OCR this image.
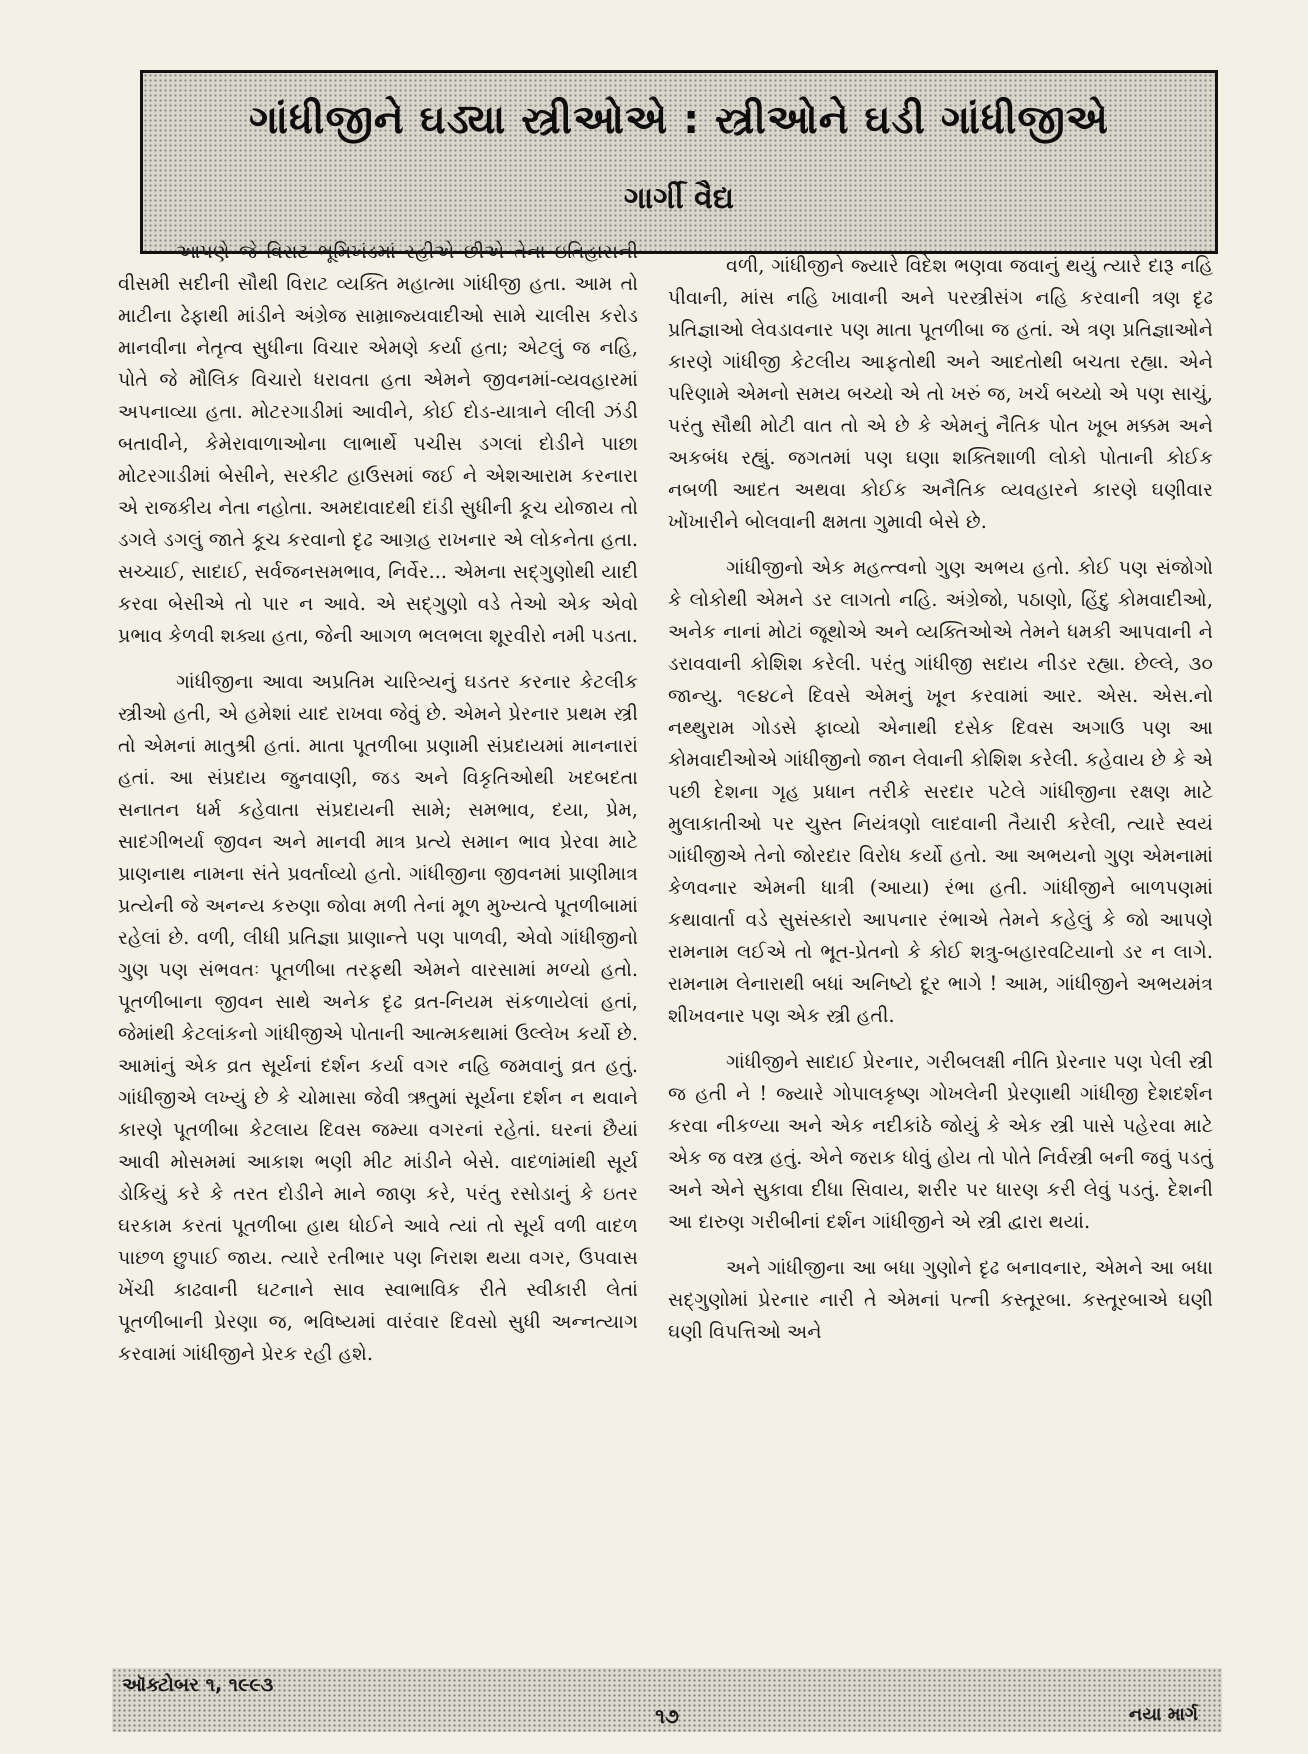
ગાંધીજીને ઘડ્યા સ્ત્રીઓએ : સ્ત્રીઓને ઘડી ગાંધીજીએ
ગાર્ગી વૈદ્ય

આપણે જે વિરાટ ભૂમિખંડમાં રહીએ છીએ તેના ઇતિહાસની વીસમી સદીની સૌથી વિરાટ વ્યક્તિ મહાત્મા ગાંધીજી હતા. આમ તો માટીના ઢેફાથી માંડીને અંગ્રેજ સામ્રાજ્યવાદીઓ સામે ચાલીસ કરોડ માનવીના નેતૃત્વ સુધીના વિચાર એમણે કર્યા હતા; એટલું જ નહિ, પોતે જે મૌલિક વિચારો ધરાવતા હતા એમને જીવનમાં-વ્યવહારમાં અપનાવ્યા હતા. મોટરગાડીમાં આવીને, કોઈ દોડ-યાત્રાને લીલી ઝંડી બતાવીને, કેમેરાવાળાઓના લાભાર્થે પચીસ ડગલાં દોડીને પાછા મોટરગાડીમાં બેસીને, સરકીટ હાઉસમાં જઈ ને એશઆરામ કરનારા એ રાજકીય નેતા નહોતા. અમદાવાદથી દાંડી સુધીની કૂચ યોજાય તો ડગલે ડગલું જાતે કૂચ કરવાનો દૃઢ આગ્રહ રાખનાર એ લોકનેતા હતા. સચ્ચાઈ, સાદાઈ, સર્વજનસમભાવ, નિર્વેર... એમના સદ્‌ગુણોથી યાદી કરવા બેસીએ તો પાર ન આવે. એ સદ્‌ગુણો વડે તેઓ એક એવો પ્રભાવ કેળવી શક્યા હતા, જેની આગળ ભલભલા શૂરવીરો નમી પડતા.

ગાંધીજીના આવા અપ્રતિમ ચારિત્ર્યનું ઘડતર કરનાર કેટલીક સ્ત્રીઓ હતી, એ હમેશાં યાદ રાખવા જેવું છે. એમને પ્રેરનાર પ્રથમ સ્ત્રી તો એમનાં માતુશ્રી હતાં. માતા પૂતળીબા પ્રણામી સંપ્રદાયમાં માનનારાં હતાં. આ સંપ્રદાય જુનવાણી, જડ અને વિકૃતિઓથી ખદબદતા સનાતન ધર્મ કહેવાતા સંપ્રદાયની સામે; સમભાવ, દયા, પ્રેમ, સાદગીભર્યા જીવન અને માનવી માત્ર પ્રત્યે સમાન ભાવ પ્રેરવા માટે પ્રાણનાથ નામના સંતે પ્રવર્તાવ્યો હતો. ગાંધીજીના જીવનમાં પ્રાણીમાત્ર પ્રત્યેની જે અનન્ય કરુણા જોવા મળી તેનાં મૂળ મુખ્યત્વે પૂતળીબામાં રહેલાં છે. વળી, લીધી પ્રતિજ્ઞા પ્રાણાન્તે પણ પાળવી, એવો ગાંધીજીનો ગુણ પણ સંભવતઃ પૂતળીબા તરફથી એમને વારસામાં મળ્યો હતો. પૂતળીબાના જીવન સાથે અનેક દૃઢ વ્રત-નિયમ સંકળાયેલાં હતાં, જેમાંથી કેટલાંકનો ગાંધીજીએ પોતાની આત્મકથામાં ઉલ્લેખ કર્યો છે. આમાંનું એક વ્રત સૂર્યનાં દર્શન કર્યા વગર નહિ જમવાનું વ્રત હતું. ગાંધીજીએ લખ્યું છે કે ચોમાસા જેવી ઋતુમાં સૂર્યના દર્શન ન થવાને કારણે પૂતળીબા કેટલાય દિવસ જમ્યા વગરનાં રહેતાં. ઘરનાં છૈયાં આવી મોસમમાં આકાશ ભણી મીટ માંડીને બેસે. વાદળાંમાંથી સૂર્ય ડોકિયું કરે કે તરત દોડીને માને જાણ કરે, પરંતુ રસોડાનું કે ઇતર ઘરકામ કરતાં પૂતળીબા હાથ ધોઈને આવે ત્યાં તો સૂર્ય વળી વાદળ પાછળ છુપાઈ જાય. ત્યારે રતીભાર પણ નિરાશ થયા વગર, ઉપવાસ ખેંચી કાઢવાની ઘટનાને સાવ સ્વાભાવિક રીતે સ્વીકારી લેતાં પૂતળીબાની પ્રેરણા જ, ભવિષ્યમાં વારંવાર દિવસો સુધી અન્નત્યાગ કરવામાં ગાંધીજીને પ્રેરક રહી હશે.

વળી, ગાંધીજીને જ્યારે વિદેશ ભણવા જવાનું થયું ત્યારે દારૂ નહિ પીવાની, માંસ નહિ ખાવાની અને પરસ્ત્રીસંગ નહિ કરવાની ત્રણ દૃઢ પ્રતિજ્ઞાઓ લેવડાવનાર પણ માતા પૂતળીબા જ હતાં. એ ત્રણ પ્રતિજ્ઞાઓને કારણે ગાંધીજી કેટલીય આફતોથી અને આદતોથી બચતા રહ્યા. એને પરિણામે એમનો સમય બચ્યો એ તો ખરું જ, ખર્ચ બચ્યો એ પણ સાચું, પરંતુ સૌથી મોટી વાત તો એ છે કે એમનું નૈતિક પોત ખૂબ મક્કમ અને અકબંધ રહ્યું. જગતમાં પણ ઘણા શક્તિશાળી લોકો પોતાની કોઈક નબળી આદત અથવા કોઈક અનૈતિક વ્યવહારને કારણે ઘણીવાર ખોંખારીને બોલવાની ક્ષમતા ગુમાવી બેસે છે.

ગાંધીજીનો એક મહત્ત્વનો ગુણ અભય હતો. કોઈ પણ સંજોગો કે લોકોથી એમને ડર લાગતો નહિ. અંગ્રેજો, પઠાણો, હિંદુ કોમવાદીઓ, અનેક નાનાં મોટાં જૂથોએ અને વ્યક્તિઓએ તેમને ધમકી આપવાની ને ડરાવવાની કોશિશ કરેલી. પરંતુ ગાંધીજી સદાય નીડર રહ્યા. છેલ્લે, ૩૦ જાન્યુ. ૧૯૪૮ને દિવસે એમનું ખૂન કરવામાં આર. એસ. એસ.નો નથ્થુરામ ગોડસે ફાવ્યો એનાથી દસેક દિવસ અગાઉ પણ આ કોમવાદીઓએ ગાંધીજીનો જાન લેવાની કોશિશ કરેલી. કહેવાય છે કે એ પછી દેશના ગૃહ પ્રધાન તરીકે સરદાર પટેલે ગાંધીજીના રક્ષણ માટે મુલાકાતીઓ પર ચુસ્ત નિયંત્રણો લાદવાની તૈયારી કરેલી, ત્યારે સ્વયં ગાંધીજીએ તેનો જોરદાર વિરોધ કર્યો હતો. આ અભયનો ગુણ એમનામાં કેળવનાર એમની ધાત્રી (આયા) રંભા હતી. ગાંધીજીને બાળપણમાં કથાવાર્તા વડે સુસંસ્કારો આપનાર રંભાએ તેમને કહેલું કે જો આપણે રામનામ લઈએ તો ભૂત-પ્રેતનો કે કોઈ શત્રુ-બહારવટિયાનો ડર ન લાગે. રામનામ લેનારાથી બધાં અનિષ્ટો દૂર ભાગે ! આમ, ગાંધીજીને અભયમંત્ર શીખવનાર પણ એક સ્ત્રી હતી.

ગાંધીજીને સાદાઈ પ્રેરનાર, ગરીબલક્ષી નીતિ પ્રેરનાર પણ પેલી સ્ત્રી જ હતી ને ! જ્યારે ગોપાલકૃષ્ણ ગોખલેની પ્રેરણાથી ગાંધીજી દેશદર્શન કરવા નીકળ્યા અને એક નદીકાંઠે જોયું કે એક સ્ત્રી પાસે પહેરવા માટે એક જ વસ્ત્ર હતું. એને જરાક ધોવું હોય તો પોતે નિર્વસ્ત્રી બની જવું પડતું અને એને સુકાવા દીધા સિવાય, શરીર પર ધારણ કરી લેવું પડતું. દેશની આ દારુણ ગરીબીનાં દર્શન ગાંધીજીને એ સ્ત્રી દ્વારા થયાં.

અને ગાંધીજીના આ બધા ગુણોને દૃઢ બનાવનાર, એમને આ બધા સદ્‌ગુણોમાં પ્રેરનાર નારી તે એમનાં પત્ની કસ્તૂરબા. કસ્તૂરબાએ ઘણી ઘણી વિપત્તિઓ અને

ઑક્ટોબર ૧, ૧૯૯૩
૧૭	નયા માર્ગ
